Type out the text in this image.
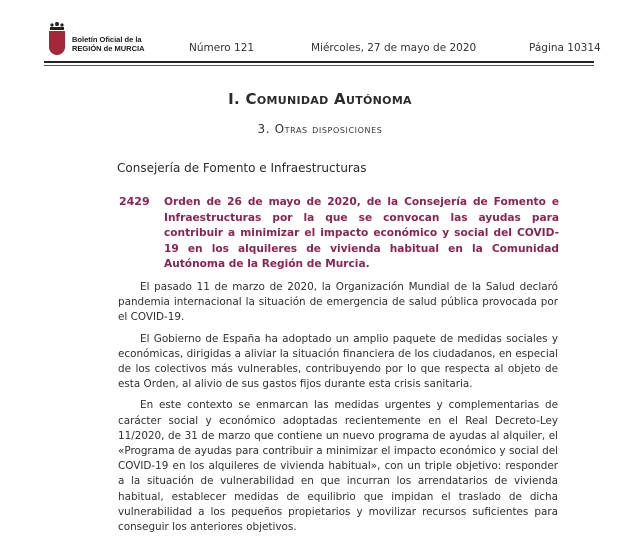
Boletín Oficial de la
REGIÓN de MURCIA	Número 121	Miércoles, 27 de mayo de 2020	Página 10314
I. Comunidad Autónoma
3. Otras disposiciones
Consejería de Fomento e Infraestructuras
2429 Orden de 26 de mayo de 2020, de la Consejería de Fomento e Infraestructuras por la que se convocan las ayudas para contribuir a minimizar el impacto económico y social del COVID-19 en los alquileres de vivienda habitual en la Comunidad Autónoma de la Región de Murcia.

El pasado 11 de marzo de 2020, la Organización Mundial de la Salud declaró pandemia internacional la situación de emergencia de salud pública provocada por el COVID-19.

El Gobierno de España ha adoptado un amplio paquete de medidas sociales y económicas, dirigidas a aliviar la situación financiera de los ciudadanos, en especial de los colectivos más vulnerables, contribuyendo por lo que respecta al objeto de esta Orden, al alivio de sus gastos fijos durante esta crisis sanitaria.

En este contexto se enmarcan las medidas urgentes y complementarias de carácter social y económico adoptadas recientemente en el Real Decreto-Ley 11/2020, de 31 de marzo que contiene un nuevo programa de ayudas al alquiler, el «Programa de ayudas para contribuir a minimizar el impacto económico y social del COVID-19 en los alquileres de vivienda habitual», con un triple objetivo: responder a la situación de vulnerabilidad en que incurran los arrendatarios de vivienda habitual, establecer medidas de equilibrio que impidan el traslado de dicha vulnerabilidad a los pequeños propietarios y movilizar recursos suficientes para conseguir los anteriores objetivos.
